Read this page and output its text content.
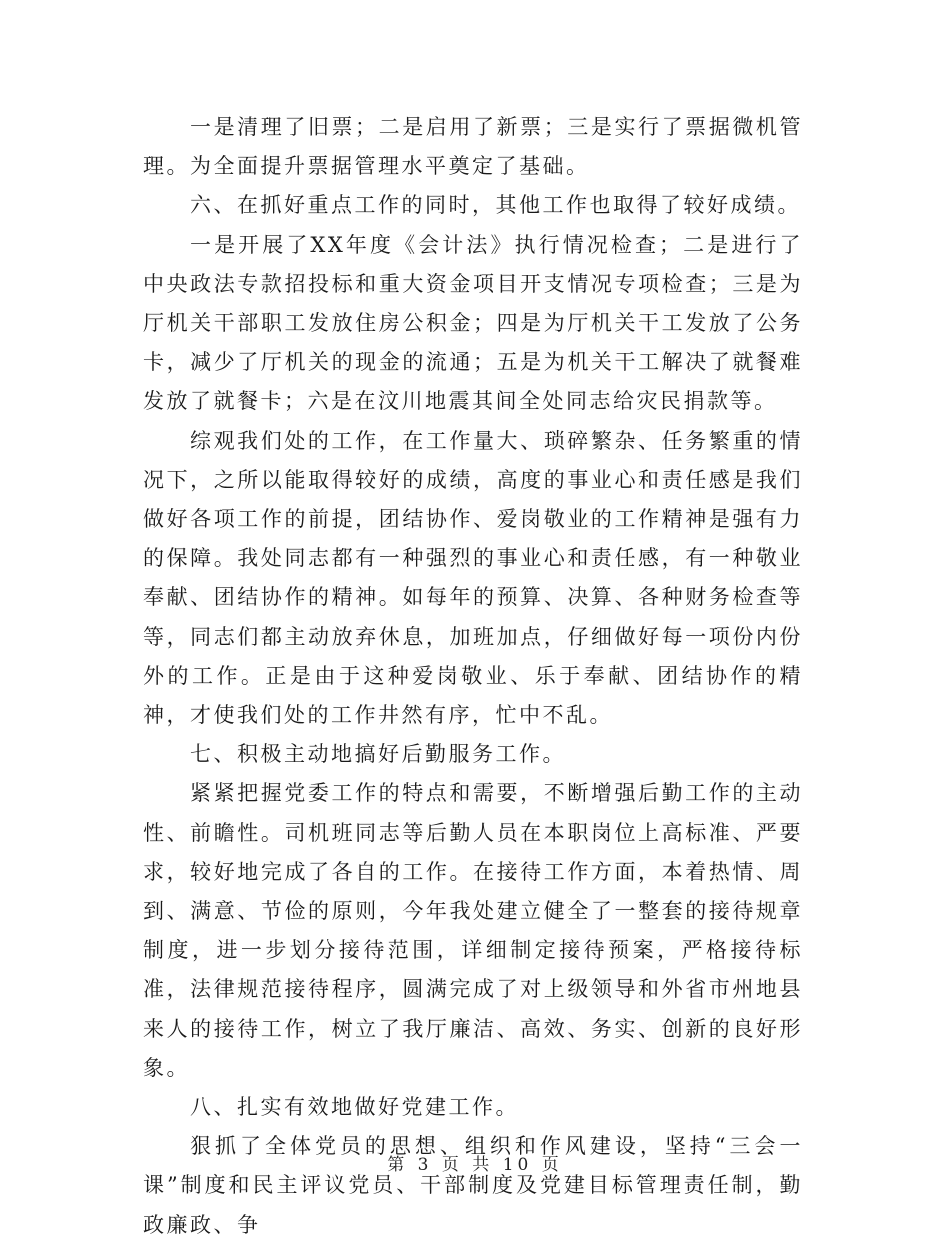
一是清理了旧票；二是启用了新票；三是实行了票据微机管理。为全面提升票据管理水平奠定了基础。

六、在抓好重点工作的同时，其他工作也取得了较好成绩。

一是开展了XX年度《会计法》执行情况检查；二是进行了中央政法专款招投标和重大资金项目开支情况专项检查；三是为厅机关干部职工发放住房公积金；四是为厅机关干工发放了公务卡，减少了厅机关的现金的流通；五是为机关干工解决了就餐难发放了就餐卡；六是在汶川地震其间全处同志给灾民捐款等。

综观我们处的工作，在工作量大、琐碎繁杂、任务繁重的情况下，之所以能取得较好的成绩，高度的事业心和责任感是我们做好各项工作的前提，团结协作、爱岗敬业的工作精神是强有力的保障。我处同志都有一种强烈的事业心和责任感，有一种敬业奉献、团结协作的精神。如每年的预算、决算、各种财务检查等等，同志们都主动放弃休息，加班加点，仔细做好每一项份内份外的工作。正是由于这种爱岗敬业、乐于奉献、团结协作的精神，才使我们处的工作井然有序，忙中不乱。

七、积极主动地搞好后勤服务工作。

紧紧把握党委工作的特点和需要，不断增强后勤工作的主动性、前瞻性。司机班同志等后勤人员在本职岗位上高标准、严要求，较好地完成了各自的工作。在接待工作方面，本着热情、周到、满意、节俭的原则，今年我处建立健全了一整套的接待规章制度，进一步划分接待范围，详细制定接待预案，严格接待标准，法律规范接待程序，圆满完成了对上级领导和外省市州地县来人的接待工作，树立了我厅廉洁、高效、务实、创新的良好形象。

八、扎实有效地做好党建工作。

狠抓了全体党员的思想、组织和作风建设，坚持“三会一课”制度和民主评议党员、干部制度及党建目标管理责任制，勤政廉政、争

第 3 页 共 10 页
